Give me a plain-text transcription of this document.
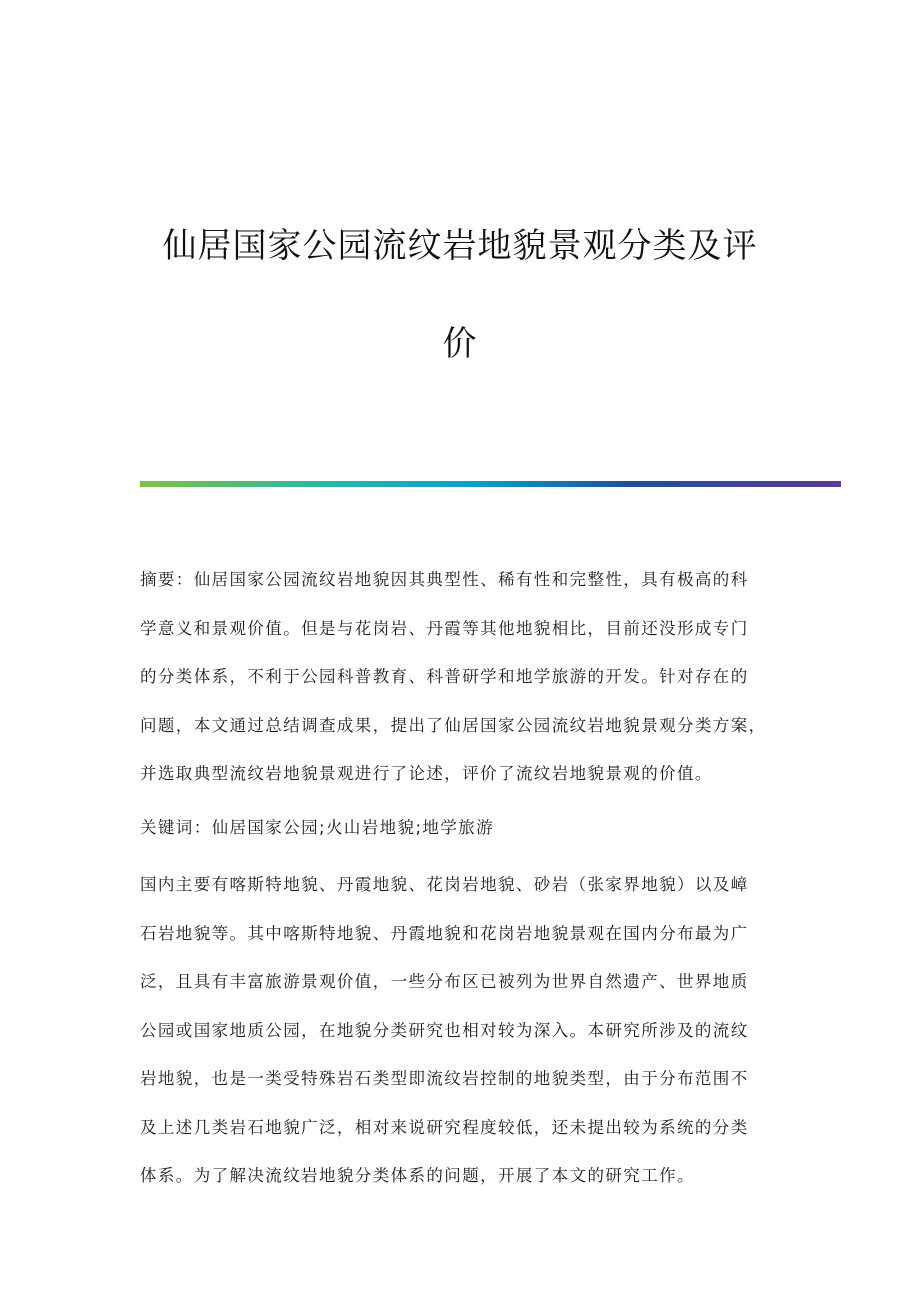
仙居国家公园流纹岩地貌景观分类及评
价
摘要：仙居国家公园流纹岩地貌因其典型性、稀有性和完整性，具有极高的科
学意义和景观价值。但是与花岗岩、丹霞等其他地貌相比，目前还没形成专门
的分类体系，不利于公园科普教育、科普研学和地学旅游的开发。针对存在的
问题，本文通过总结调查成果，提出了仙居国家公园流纹岩地貌景观分类方案，
并选取典型流纹岩地貌景观进行了论述，评价了流纹岩地貌景观的价值。
关键词：仙居国家公园;火山岩地貌;地学旅游
国内主要有喀斯特地貌、丹霞地貌、花岗岩地貌、砂岩（张家界地貌）以及嶂
石岩地貌等。其中喀斯特地貌、丹霞地貌和花岗岩地貌景观在国内分布最为广
泛，且具有丰富旅游景观价值，一些分布区已被列为世界自然遗产、世界地质
公园或国家地质公园，在地貌分类研究也相对较为深入。本研究所涉及的流纹
岩地貌，也是一类受特殊岩石类型即流纹岩控制的地貌类型，由于分布范围不
及上述几类岩石地貌广泛，相对来说研究程度较低，还未提出较为系统的分类
体系。为了解决流纹岩地貌分类体系的问题，开展了本文的研究工作。
